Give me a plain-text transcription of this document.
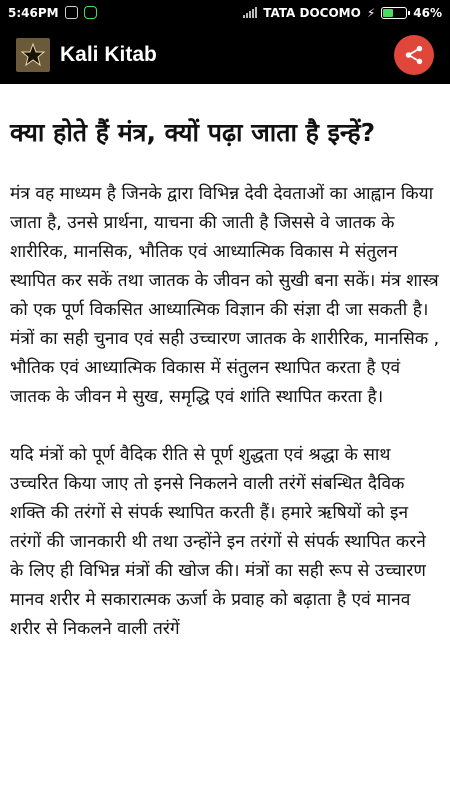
5:46PM	TATA DOCOMO ⚡	46%
Kali Kitab
क्या होते हैं मंत्र, क्यों पढ़ा जाता है इन्हें?

मंत्र वह माध्यम है जिनके द्वारा विभिन्न देवी देवताओं का आह्वान किया जाता है, उनसे प्रार्थना, याचना की जाती है जिससे वे जातक के शारीरिक, मानसिक, भौतिक एवं आध्यात्मिक विकास मे संतुलन स्थापित कर सकें तथा जातक के जीवन को सुखी बना सकें। मंत्र शास्त्र को एक पूर्ण विकसित आध्यात्मिक विज्ञान की संज्ञा दी जा सकती है। मंत्रों का सही चुनाव एवं सही उच्चारण जातक के शारीरिक, मानसिक , भौतिक एवं आध्यात्मिक विकास में संतुलन स्थापित करता है एवं जातक के जीवन मे सुख, समृद्धि एवं शांति स्थापित करता है।

यदि मंत्रों को पूर्ण वैदिक रीति से पूर्ण शुद्धता एवं श्रद्धा के साथ उच्चरित किया जाए तो इनसे निकलने वाली तरंगें संबन्धित दैविक शक्ति की तरंगों से संपर्क स्थापित करती हैं। हमारे ऋषियों को इन तरंगों की जानकारी थी तथा उन्होंने इन तरंगों से संपर्क स्थापित करने के लिए ही विभिन्न मंत्रों की खोज की। मंत्रों का सही रूप से उच्चारण मानव शरीर मे सकारात्मक ऊर्जा के प्रवाह को बढ़ाता है एवं मानव शरीर से निकलने वाली तरंगें
